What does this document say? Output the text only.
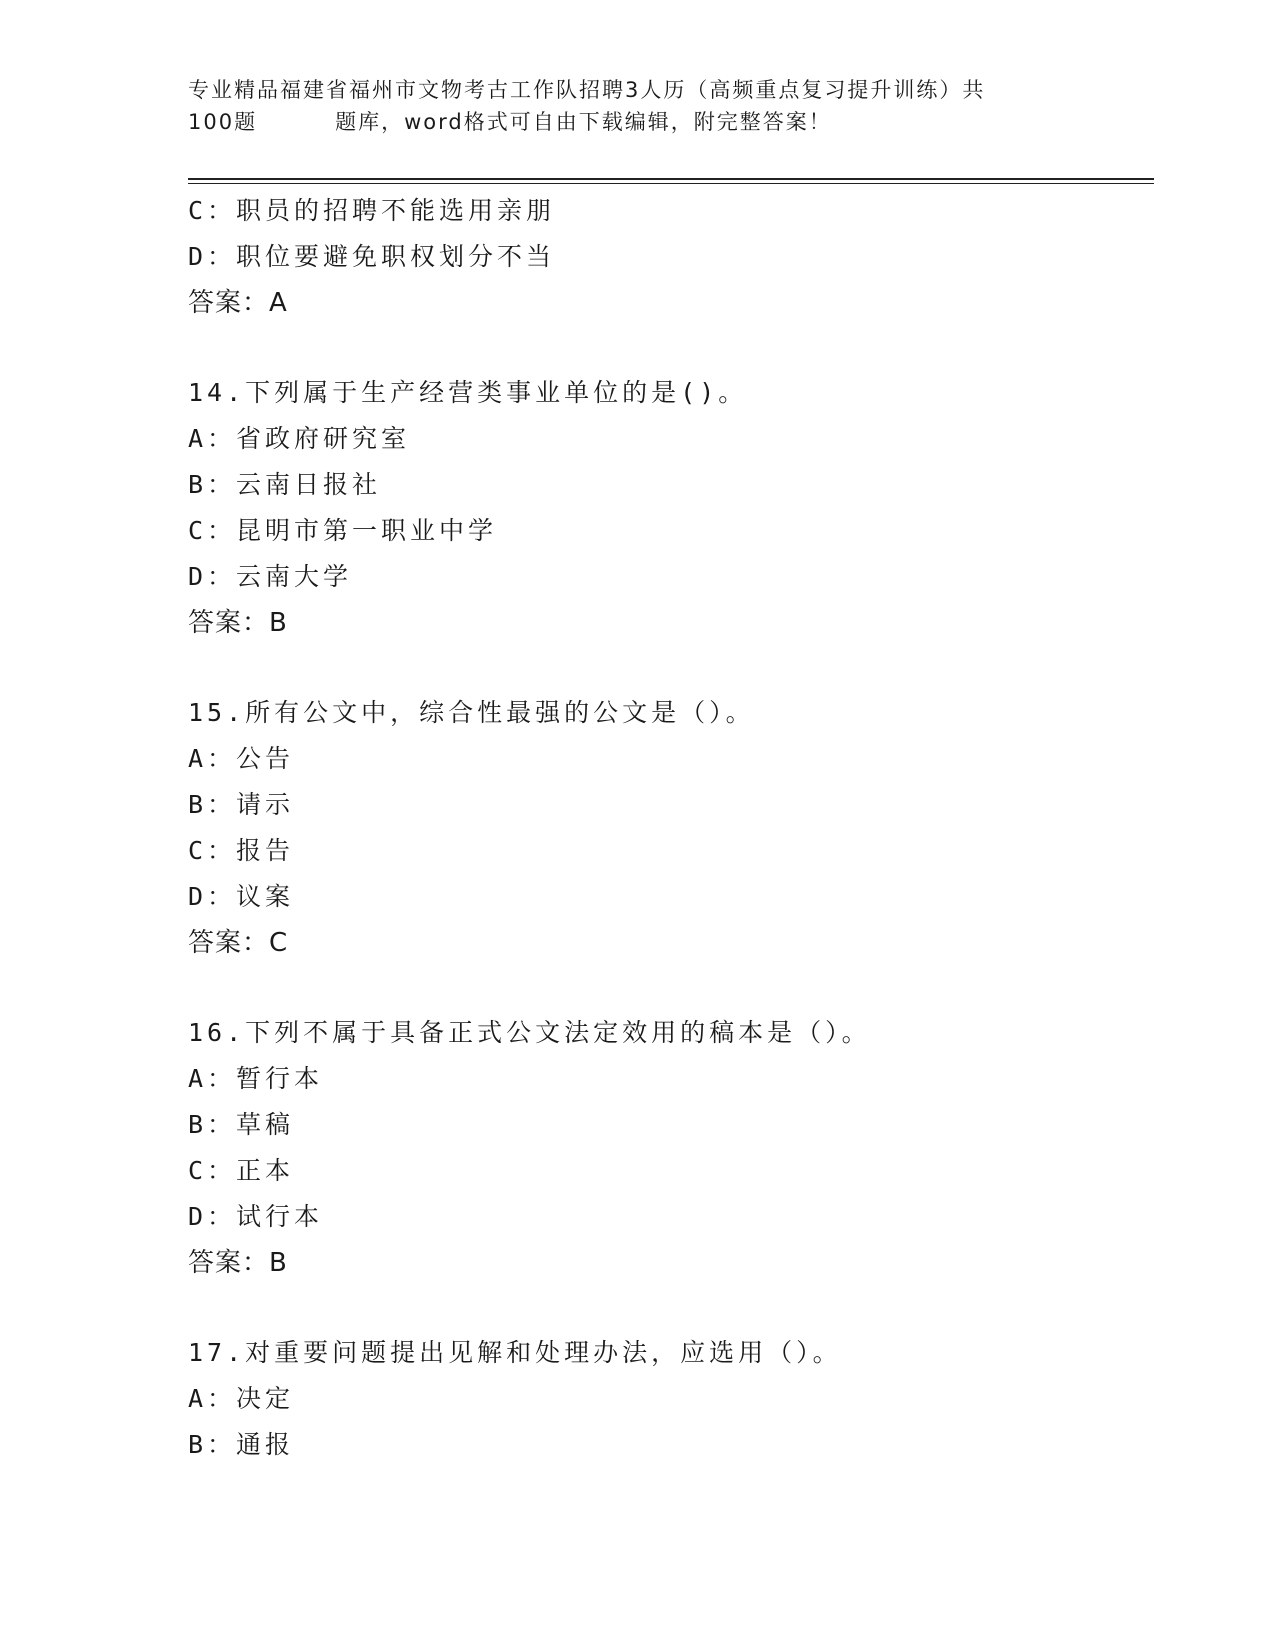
专业精品福建省福州市文物考古工作队招聘3人历（高频重点复习提升训练）共
100题	题库，word格式可自由下载编辑，附完整答案！
C：职员的招聘不能选用亲朋
D：职位要避免职权划分不当
答案：A
14.下列属于生产经营类事业单位的是()。
A：省政府研究室
B：云南日报社
C：昆明市第一职业中学
D：云南大学
答案：B
15.所有公文中，综合性最强的公文是（）。
A：公告
B：请示
C：报告
D：议案
答案：C
16.下列不属于具备正式公文法定效用的稿本是（）。
A：暂行本
B：草稿
C：正本
D：试行本
答案：B
17.对重要问题提出见解和处理办法，应选用（）。
A：决定
B：通报
